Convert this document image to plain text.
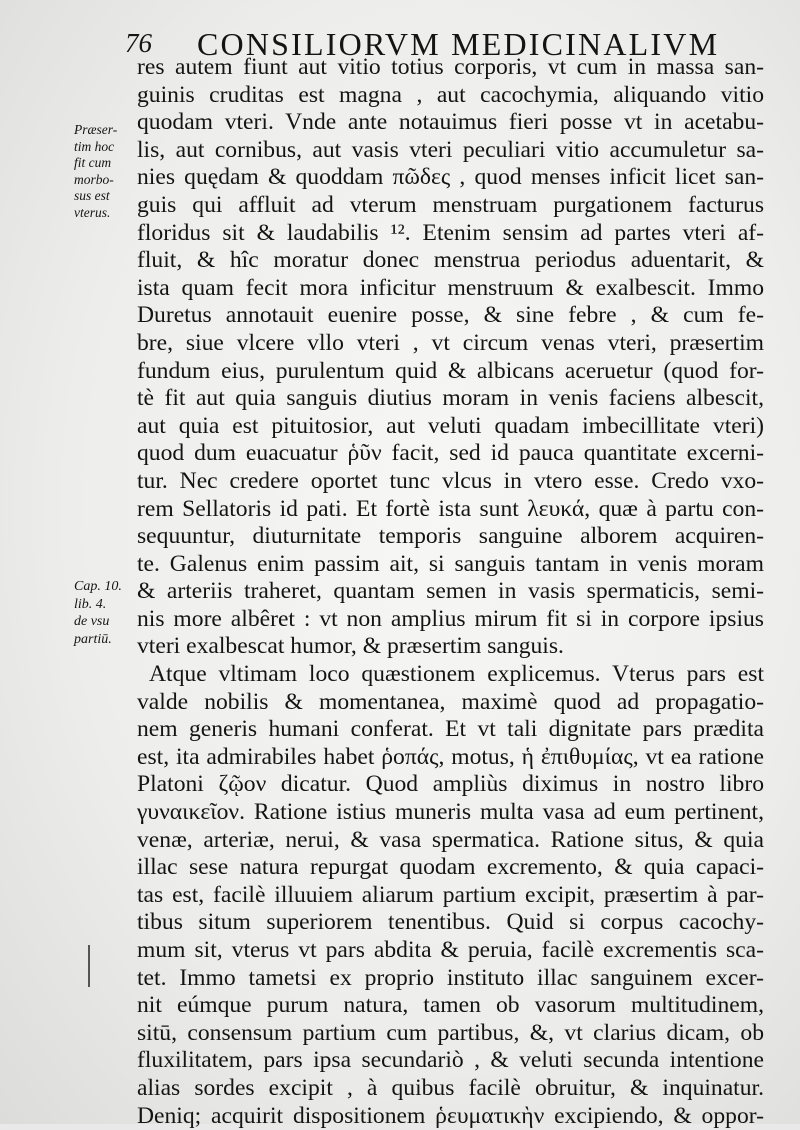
76 CONSILIORVM MEDICINALIVM
Præser-
tim hoc
fit cum
morbo-
sus est
vterus.
Cap. 10.
lib. 4.
de vsu
partiū.
res autem fiunt aut vitio totius corporis, vt cum in massa san-
guinis cruditas est magna , aut cacochymia, aliquando vitio
quodam vteri. Vnde ante notauimus fieri posse vt in acetabu-
lis, aut cornibus, aut vasis vteri peculiari vitio accumuletur sa-
nies quędam & quoddam πῶδες , quod menses inficit licet san-
guis qui affluit ad vterum menstruam purgationem facturus
floridus sit & laudabilis ¹². Etenim sensim ad partes vteri af-
fluit, & hîc moratur donec menstrua periodus aduentarit, &
ista quam fecit mora inficitur menstruum & exalbescit. Immo
Duretus annotauit euenire posse, & sine febre , & cum fe-
bre, siue vlcere vllo vteri , vt circum venas vteri, præsertim
fundum eius, purulentum quid & albicans aceruetur (quod for-
tè fit aut quia sanguis diutius moram in venis faciens albescit,
aut quia est pituitosior, aut veluti quadam imbecillitate vteri)
quod dum euacuatur ῥῦν facit, sed id pauca quantitate excerni-
tur. Nec credere oportet tunc vlcus in vtero esse. Credo vxo-
rem Sellatoris id pati. Et fortè ista sunt λευκά, quæ à partu con-
sequuntur, diuturnitate temporis sanguine alborem acquiren-
te. Galenus enim passim ait, si sanguis tantam in venis moram
& arteriis traheret, quantam semen in vasis spermaticis, semi-
nis more albêret : vt non amplius mirum fit si in corpore ipsius
vteri exalbescat humor, & præsertim sanguis.
Atque vltimam loco quæstionem explicemus. Vterus pars est
valde nobilis & momentanea, maximè quod ad propagatio-
nem generis humani conferat. Et vt tali dignitate pars prædita
est, ita admirabiles habet ῥοπάς, motus, ἡ ἐπιθυμίας, vt ea ratione
Platoni ζῷον dicatur. Quod ampliùs diximus in nostro libro
γυναικεῖον. Ratione istius muneris multa vasa ad eum pertinent,
venæ, arteriæ, nerui, & vasa spermatica. Ratione situs, & quia
illac sese natura repurgat quodam excremento, & quia capaci-
tas est, facilè illuuiem aliarum partium excipit, præsertim à par-
tibus situm superiorem tenentibus. Quid si corpus cacochy-
mum sit, vterus vt pars abdita & peruia, facilè excrementis sca-
tet. Immo tametsi ex proprio instituto illac sanguinem excer-
nit eúmque purum natura, tamen ob vasorum multitudinem,
sitū, consensum partium cum partibus, &, vt clarius dicam, ob
fluxilitatem, pars ipsa secundariò , & veluti secunda intentione
alias sordes excipit , à quibus facilè obruitur, & inquinatur.
Deniq; acquirit dispositionem ῥευματικὴν excipiendo, & oppor-
